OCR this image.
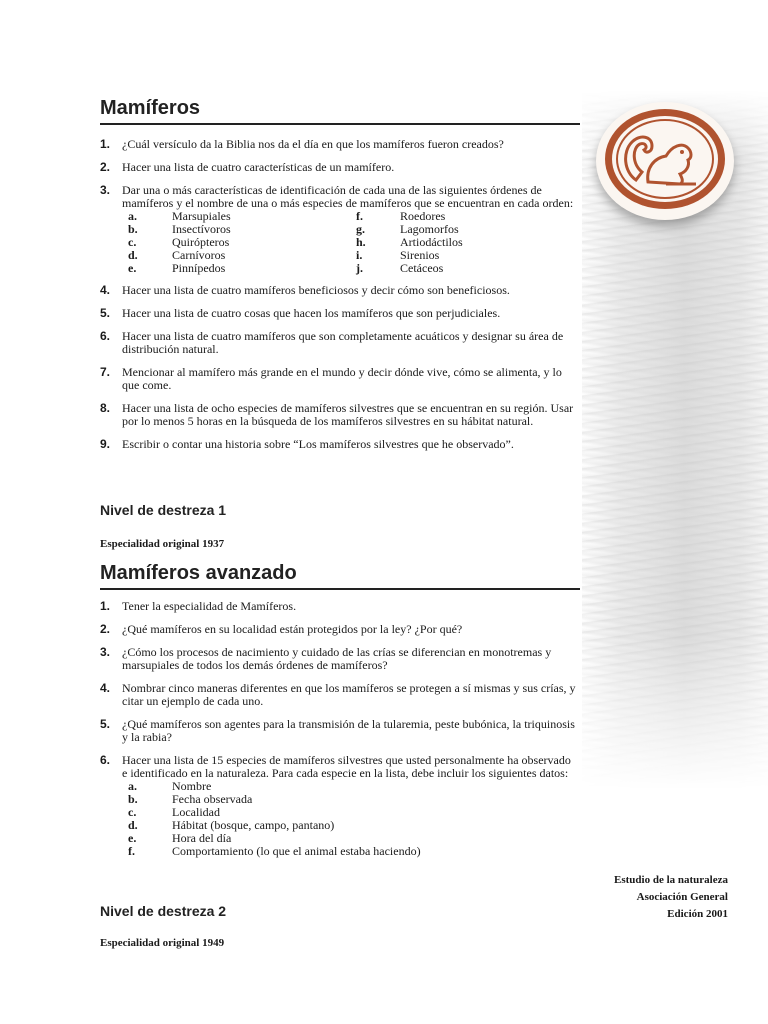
Mamíferos
1. ¿Cuál versículo da la Biblia nos da el día en que los mamíferos fueron creados?
2. Hacer una lista de cuatro características de un mamífero.
3. Dar una o más características de identificación de cada una de las siguientes órdenes de mamíferos y el nombre de una o más especies de mamíferos que se encuentran en cada orden:
a.	Marsupiales	f.	Roedores
b.	Insectívoros	g.	Lagomorfos
c.	Quirópteros	h.	Artiodáctilos
d.	Carnívoros	i.	Sirenios
e.	Pinnípedos	j.	Cetáceos
4. Hacer una lista de cuatro mamíferos beneficiosos y decir cómo son beneficiosos.
5. Hacer una lista de cuatro cosas que hacen los mamíferos que son perjudiciales.
6. Hacer una lista de cuatro mamíferos que son completamente acuáticos y designar su área de distribución natural.
7. Mencionar al mamífero más grande en el mundo y decir dónde vive, cómo se alimenta, y lo que come.
8. Hacer una lista de ocho especies de mamíferos silvestres que se encuentran en su región. Usar por lo menos 5 horas en la búsqueda de los mamíferos silvestres en su hábitat natural.
9. Escribir o contar una historia sobre “Los mamíferos silvestres que he observado”.
Nivel de destreza 1
Especialidad original 1937
Mamíferos avanzado
1. Tener la especialidad de Mamíferos.
2. ¿Qué mamíferos en su localidad están protegidos por la ley? ¿Por qué?
3. ¿Cómo los procesos de nacimiento y cuidado de las crías se diferencian en monotremas y marsupiales de todos los demás órdenes de mamíferos?
4. Nombrar cinco maneras diferentes en que los mamíferos se protegen a sí mismas y sus crías, y citar un ejemplo de cada uno.
5. ¿Qué mamíferos son agentes para la transmisión de la tularemia, peste bubónica, la triquinosis y la rabia?
6. Hacer una lista de 15 especies de mamíferos silvestres que usted personalmente ha observado e identificado en la naturaleza. Para cada especie en la lista, debe incluir los siguientes datos:
a.	Nombre
b.	Fecha observada
c.	Localidad
d.	Hábitat (bosque, campo, pantano)
e.	Hora del día
f.	Comportamiento (lo que el animal estaba haciendo)
Nivel de destreza 2
Especialidad original 1949
Estudio de la naturaleza
Asociación General
Edición 2001
